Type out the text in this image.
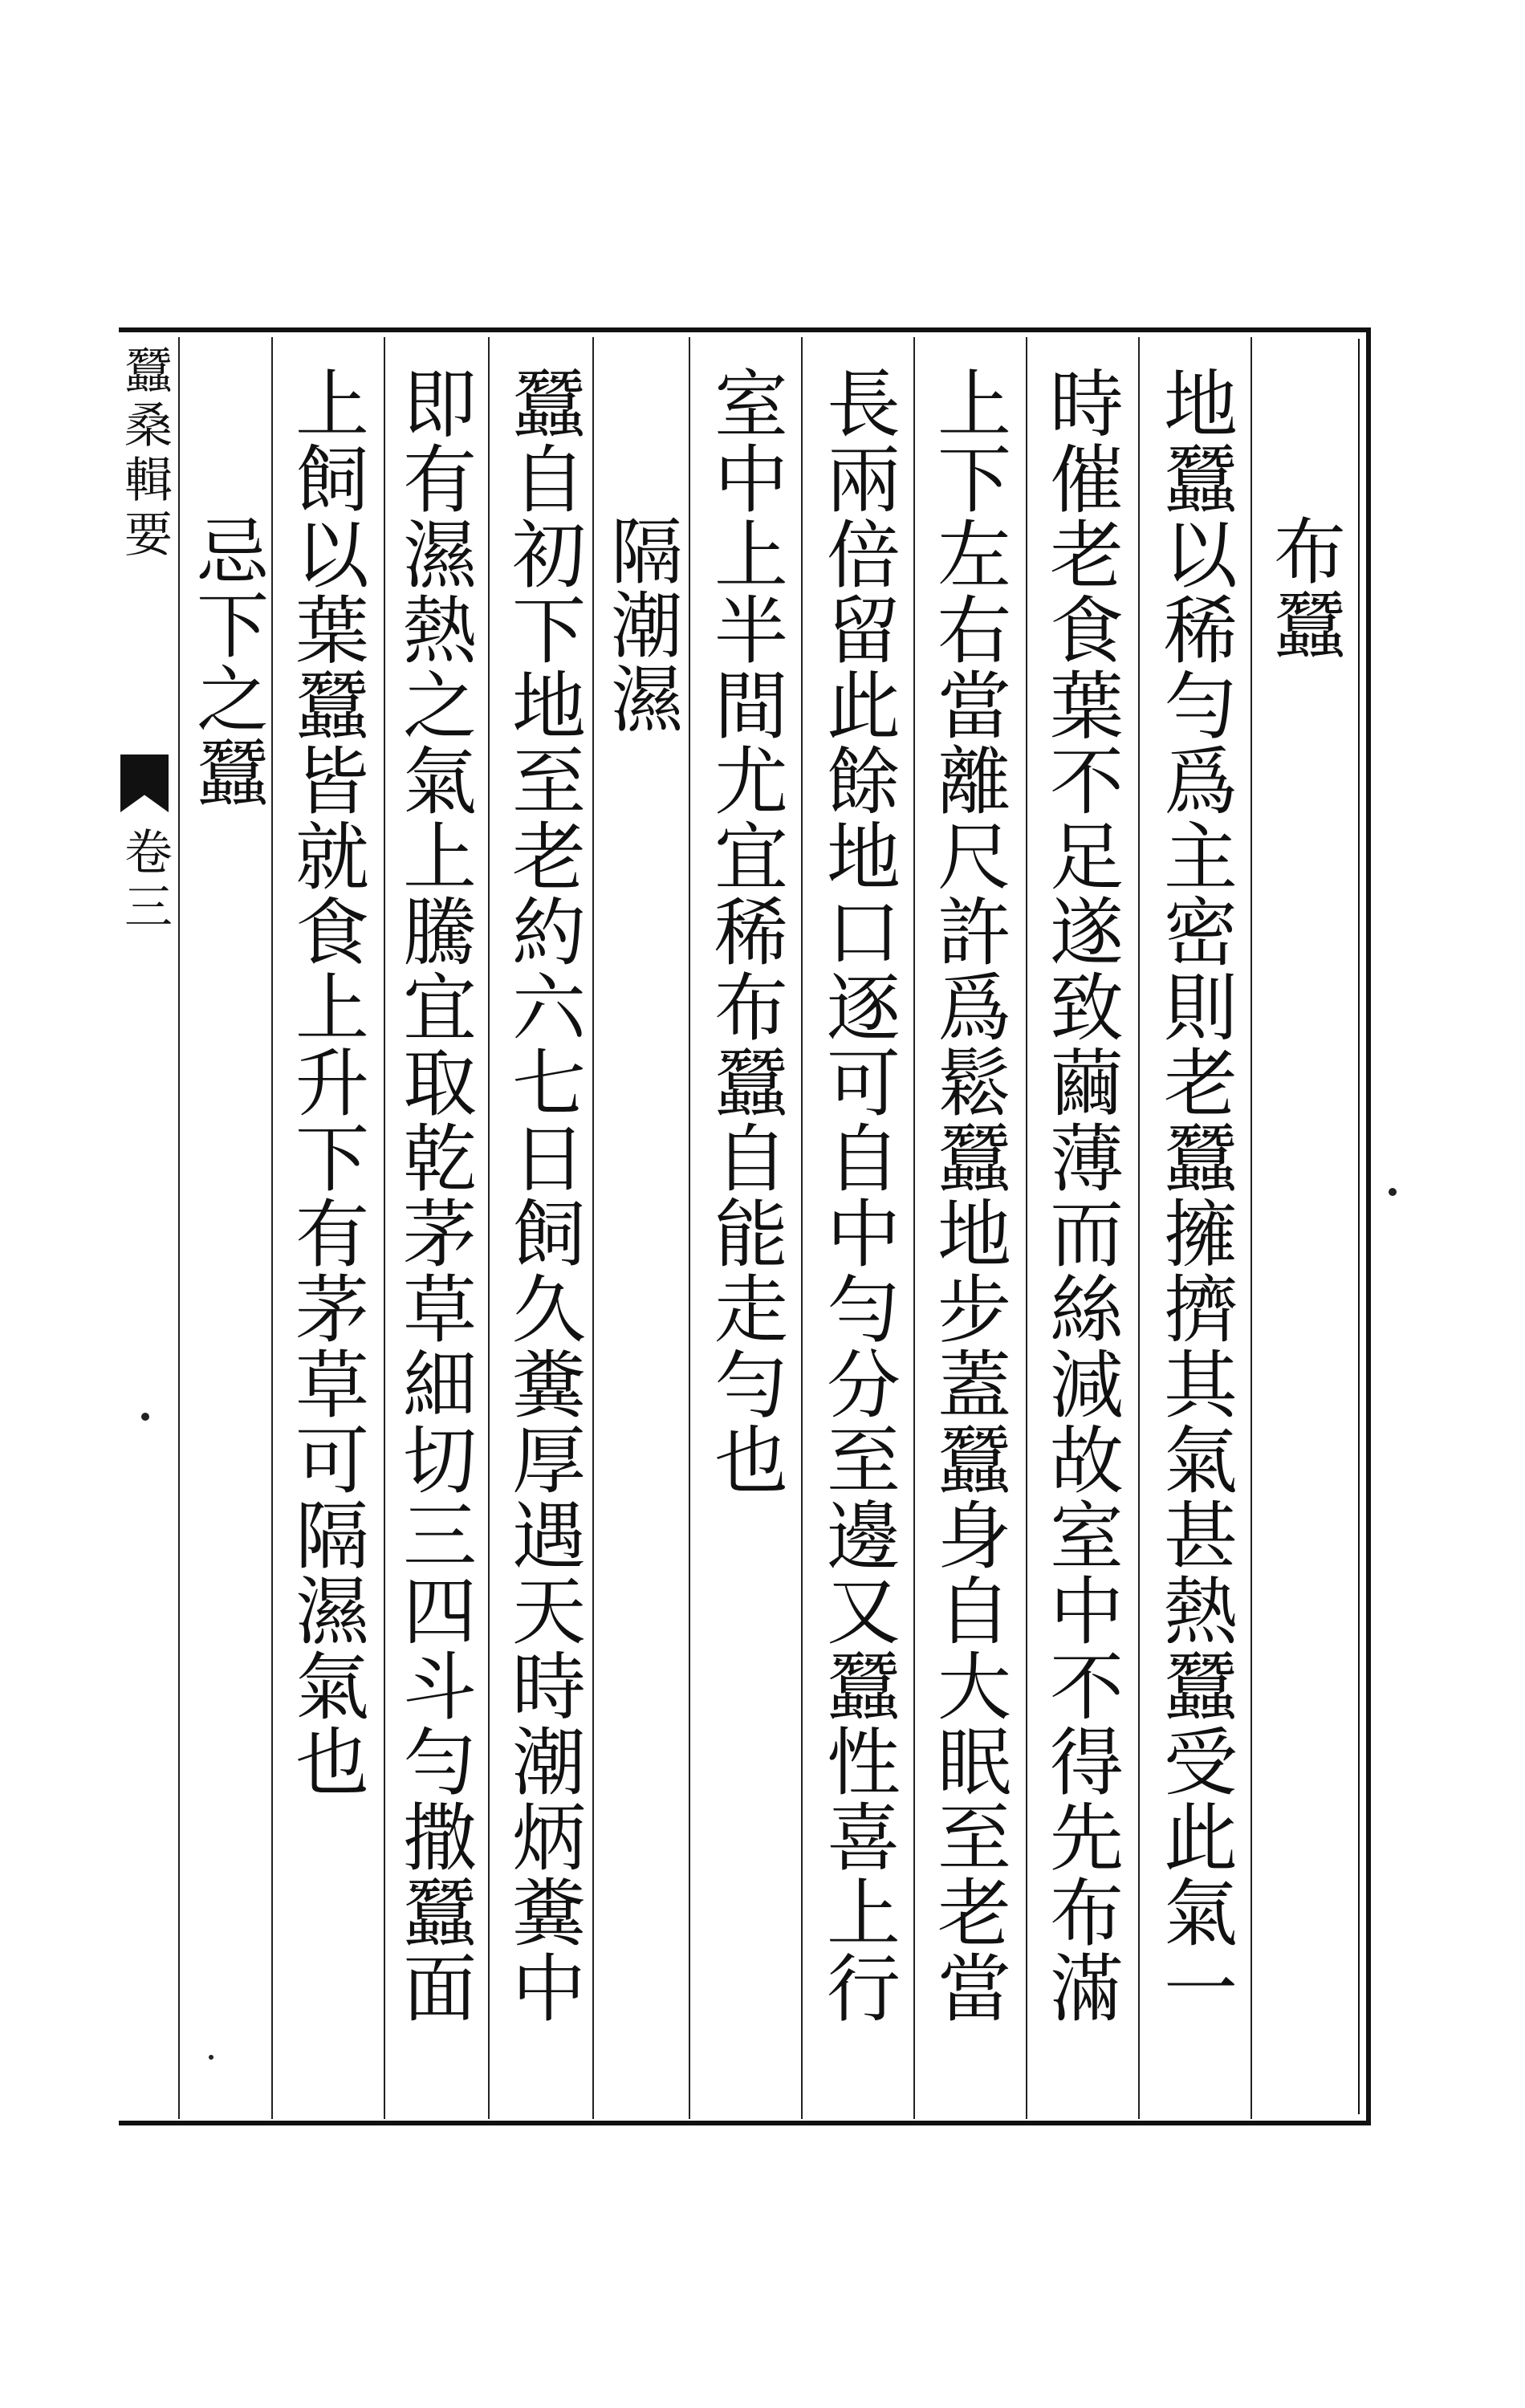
布蠶
地蠶以稀勻爲主密則老蠶擁擠其氣甚熱蠶受此氣一
時催老食葉不足遂致繭薄而絲減故室中不得先布滿
上下左右當離尺許爲鬆蠶地步蓋蠶身自大眠至老當
長兩倍留此餘地口逐可自中勻分至邊又蠶性喜上行
室中上半間尤宜稀布蠶自能走勻也
隔潮濕
蠶自初下地至老約六七日飼久糞厚遇天時潮炳糞中
即有濕熱之氣上騰宜取乾茅草細切三四斗勻撒蠶面
上飼以葉蠶皆就食上升下有茅草可隔濕氣也
忌下之蠶
蠶桑輯要
卷三
